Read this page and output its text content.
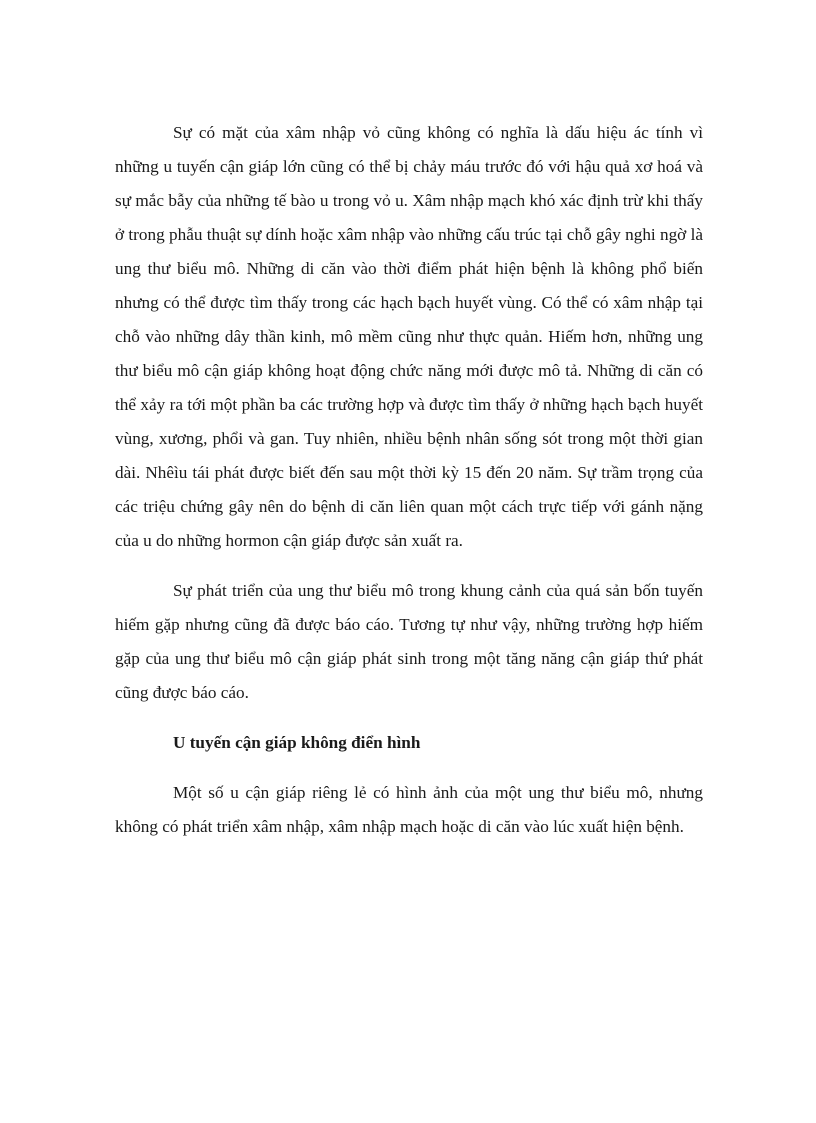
Sự có mặt của xâm nhập vỏ cũng không có nghĩa là dấu hiệu ác tính vì những u tuyến cận giáp lớn cũng có thể bị chảy máu trước đó với hậu quả xơ hoá và sự mắc bẫy của những tế bào u trong vỏ u. Xâm nhập mạch khó xác định trừ khi thấy ở trong phẫu thuật sự dính hoặc xâm nhập vào những cấu trúc tại chỗ gây nghi ngờ là ung thư biểu mô. Những di căn vào thời điểm phát hiện bệnh là không phổ biến nhưng có thể được tìm thấy trong các hạch bạch huyết vùng. Có thể có xâm nhập tại chỗ vào những dây thần kinh, mô mềm cũng như thực quản. Hiếm hơn, những ung thư biểu mô cận giáp không hoạt động chức năng mới được mô tả. Những di căn có thể xảy ra tới một phần ba các trường hợp và được tìm thấy ở những hạch bạch huyết vùng, xương, phổi và gan. Tuy nhiên, nhiều bệnh nhân sống sót trong một thời gian dài. Nhêìu tái phát được biết đến sau một thời kỳ 15 đến 20 năm. Sự trầm trọng của các triệu chứng gây nên do bệnh di căn liên quan một cách trực tiếp với gánh nặng của u do những hormon cận giáp được sản xuất ra.

Sự phát triển của ung thư biểu mô trong khung cảnh của quá sản bốn tuyến hiếm gặp nhưng cũng đã được báo cáo. Tương tự như vậy, những trường hợp hiếm gặp của ung thư biểu mô cận giáp phát sinh trong một tăng năng cận giáp thứ phát cũng được báo cáo.

U tuyến cận giáp không điển hình

Một số u cận giáp riêng lẻ có hình ảnh của một ung thư biểu mô, nhưng không có phát triển xâm nhập, xâm nhập mạch hoặc di căn vào lúc xuất hiện bệnh.
